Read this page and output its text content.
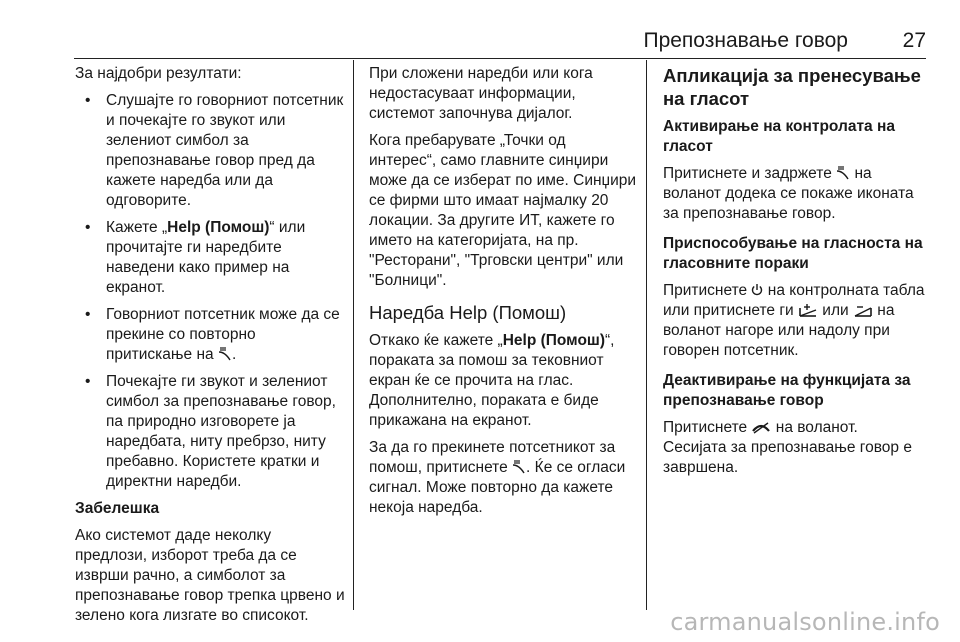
Препознавање говор	27

За најдобри резултати:

• Слушајте го говорниот потсетник и почекајте го звукот или зелениот симбол за препознавање говор пред да кажете наредба или да одговорите.
• Кажете „Help (Помош)“ или прочитајте ги наредбите наведени како пример на екранот.
• Говорниот потсетник може да се прекине со повторно притискање на
.
• Почекајте ги звукот и зелениот симбол за препознавање говор, па природно изговорете ја наредбата, ниту пребрзо, ниту пребавно. Користете кратки и директни наредби.

Забелешка

Ако системот даде неколку предлози, изборот треба да се изврши рачно, а симболот за препознавање говор трепка црвено и зелено кога лизгате во списокот.

При сложени наредби или кога недостасуваат информации, системот започнува дијалог.

Кога пребарувате „Точки од интерес“, само главните синџири може да се изберат по име. Синџири се фирми што имаат најмалку 20 локации. За другите ИТ, кажете го името на категоријата, на пр. "Ресторани", "Трговски центри" или "Болници".

Наредба Help (Помош)

Откако ќе кажете „Help (Помош)“, пораката за помош за тековниот екран ќе се прочита на глас. Дополнително, пораката е биде прикажана на екранот.

За да го прекинете потсетникот за помош, притиснете
. Ќе се огласи сигнал. Може повторно да кажете некоја наредба.

Апликација за пренесување на гласот

Активирање на контролата на гласот

Притиснете и задржете
на воланот додека се покаже иконата за препознавање говор.

Приспособување на гласноста на гласовните пораки

Притиснете
на контролната табла или притиснете ги
или
на воланот нагоре или надолу при говорен потсетник.

Деактивирање на функцијата за препознавање говор

Притиснете
на воланот.

Сесијата за препознавање говор е завршена.

carmanualsonline.info
